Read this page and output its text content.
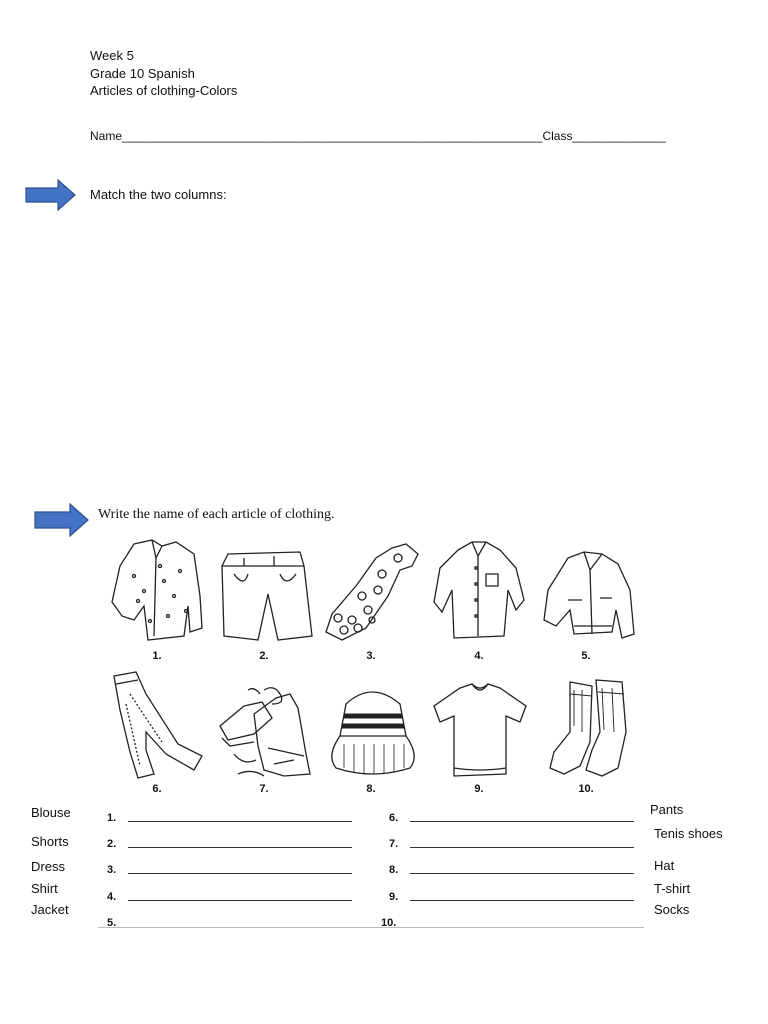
Week 5
Grade 10 Spanish
Articles of clothing-Colors
Name_______________________________________________________________Class______________
Match the two columns:
Write the name of each article of clothing.
1.	2.	3.	4.	5.
6.	7.	8.	9.	10.
1.
2.
3.
4.
5.
6.
7.
8.
9.
10.
Blouse
Shorts
Dress
Shirt
Jacket
Pants
Tenis shoes
Hat
T-shirt
Socks
